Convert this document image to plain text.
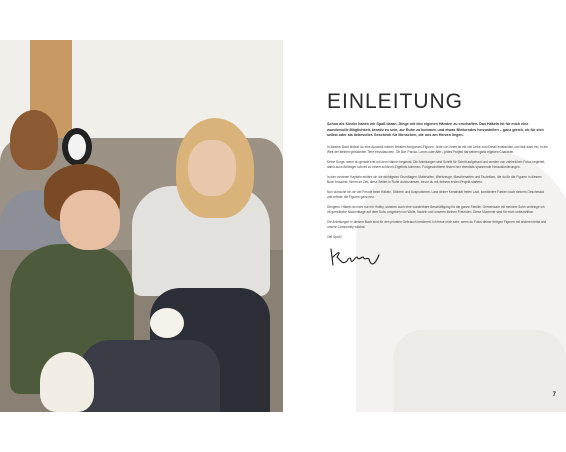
EINLEITUNG

Schon als Kinder haben wir Spaß daran, Dinge mit den eigenen Händen zu erschaffen. Das Häkeln ist für mich eine wundervolle Möglichkeit, kreativ zu sein, zur Ruhe zu kommen und etwas Bleibendes herzustellen – ganz gleich, ob für sich selbst oder als liebevolles Geschenk für Menschen, die uns am Herzen liegen.

In diesem Buch findest du eine Auswahl meiner liebsten Amigurumi-Figuren. Jede von ihnen ist mit viel Liebe zum Detail entstanden und lädt dazu ein, in die Welt der kleinen gehäkelten Tiere einzutauchen. Ob Bär, Panda, Lamm oder Affe – jedes Projekt hat seinen ganz eigenen Charakter.

Keine Sorge, wenn du gerade erst mit dem Häkeln beginnst. Die Anleitungen sind Schritt für Schritt aufgebaut und werden von zahlreichen Fotos begleitet, damit auch Anfänger schnell zu einem schönen Ergebnis kommen. Fortgeschrittene finden hier ebenfalls spannende Herausforderungen.

In den vorderen Kapiteln erkläre ich die wichtigsten Grundlagen: Materialien, Werkzeuge, Maschenarten und Techniken, die du für die Figuren in diesem Buch brauchst. Nimm dir Zeit, diese Seiten in Ruhe durchzulesen, bevor du mit deinem ersten Projekt startest.

Nun wünsche ich dir viel Freude beim Häkeln, Stöbern und Ausprobieren. Lass deiner Kreativität freien Lauf, kombiniere Farben nach deinem Geschmack und erfinde die Figuren ganz neu.

Übrigens: Häkeln ist nicht nur ein Hobby, sondern auch eine wunderbare Beschäftigung für die ganze Familie. Gemeinsam mit meinem Sohn verbringe ich oft gemütliche Nachmittage auf dem Sofa, umgeben von Wolle, Nadeln und unseren kleinen Freunden. Diese Momente sind für mich unbezahlbar.

Die Anleitungen in diesem Buch sind für den privaten Gebrauch bestimmt. Ich freue mich sehr, wenn du Fotos deiner fertigen Figuren mit anderen teilst und unsere Community wächst.

Viel Spaß!

7
